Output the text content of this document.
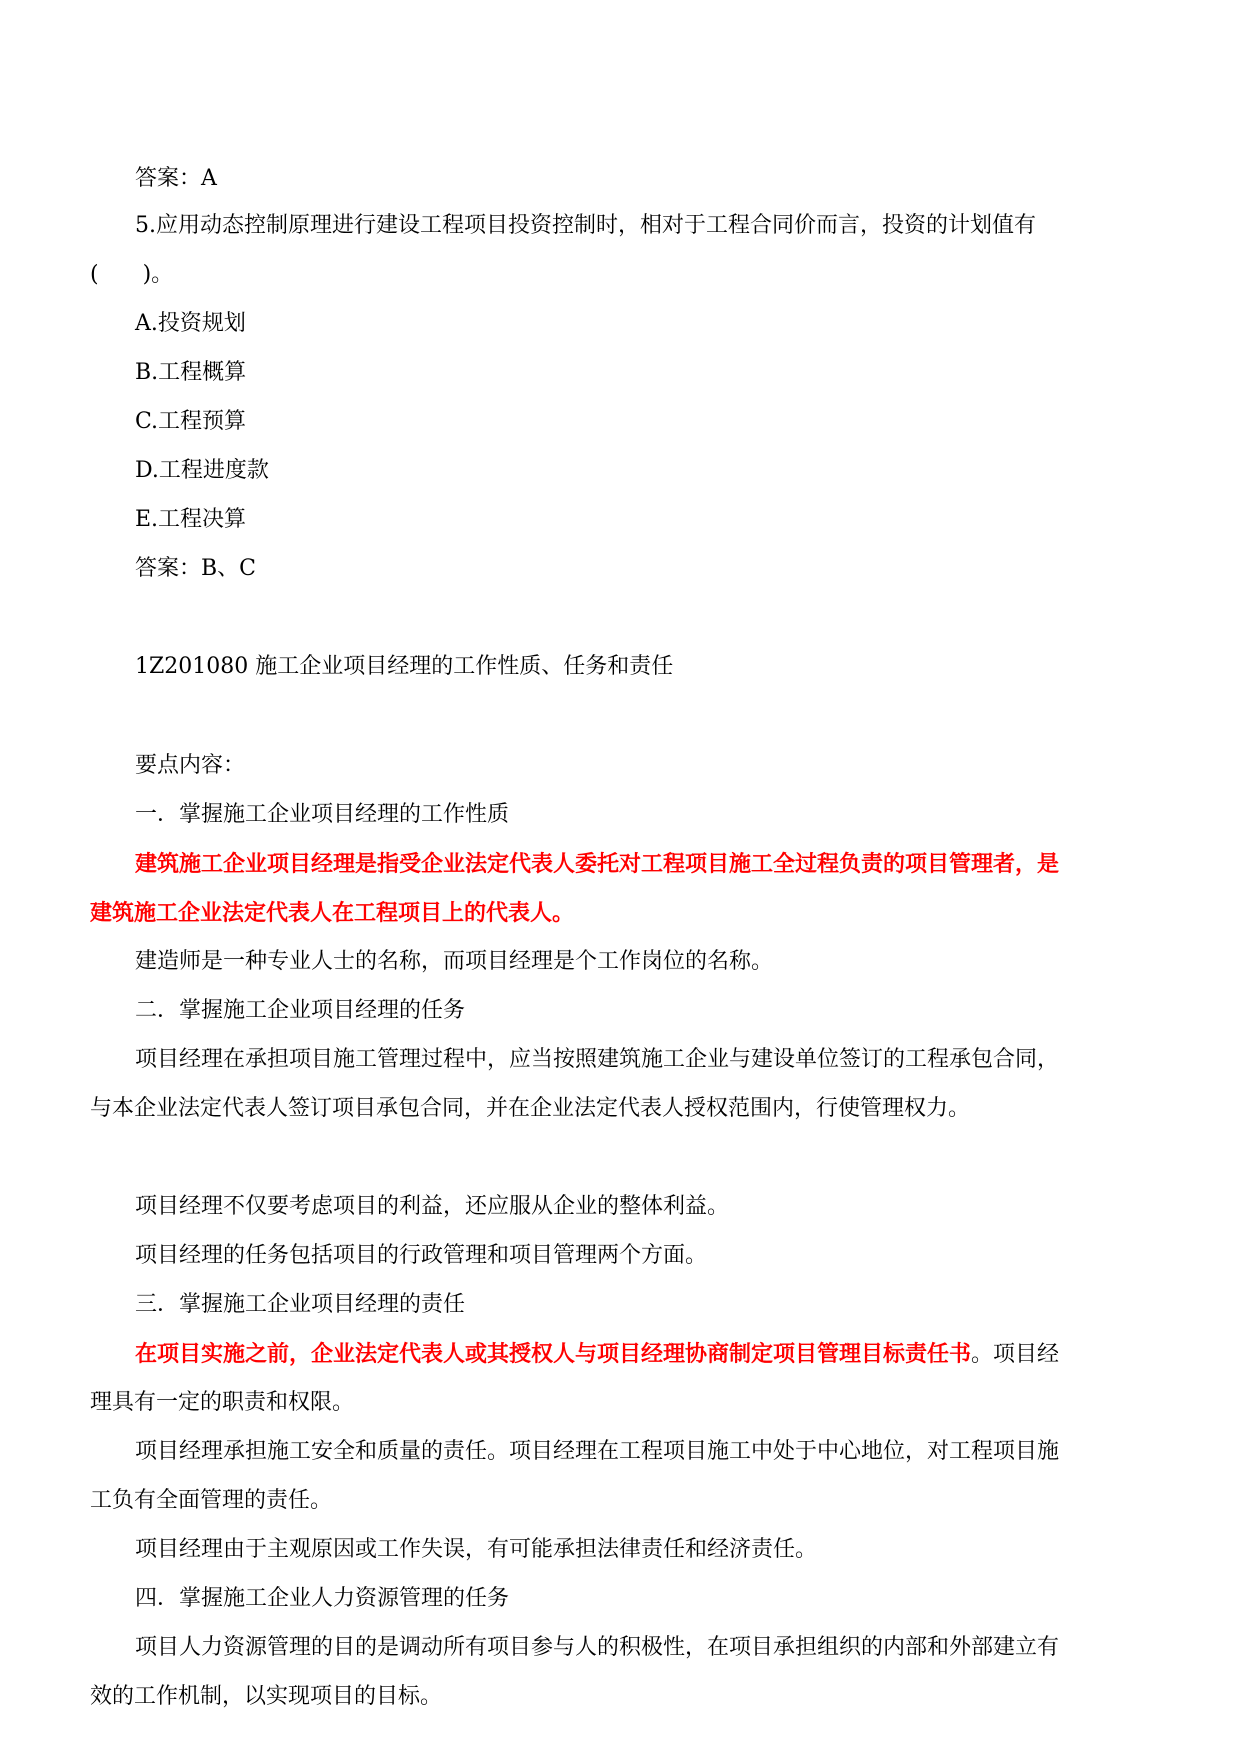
答案：A
5.应用动态控制原理进行建设工程项目投资控制时，相对于工程合同价而言，投资的计划值有
(　　)。
A.投资规划
B.工程概算
C.工程预算
D.工程进度款
E.工程决算
答案：B、C
1Z201080 施工企业项目经理的工作性质、任务和责任
要点内容：
一．掌握施工企业项目经理的工作性质
建筑施工企业项目经理是指受企业法定代表人委托对工程项目施工全过程负责的项目管理者，是
建筑施工企业法定代表人在工程项目上的代表人。
建造师是一种专业人士的名称，而项目经理是个工作岗位的名称。
二．掌握施工企业项目经理的任务
项目经理在承担项目施工管理过程中，应当按照建筑施工企业与建设单位签订的工程承包合同，
与本企业法定代表人签订项目承包合同，并在企业法定代表人授权范围内，行使管理权力。
项目经理不仅要考虑项目的利益，还应服从企业的整体利益。
项目经理的任务包括项目的行政管理和项目管理两个方面。
三．掌握施工企业项目经理的责任
在项目实施之前，企业法定代表人或其授权人与项目经理协商制定项目管理目标责任书。项目经
理具有一定的职责和权限。
项目经理承担施工安全和质量的责任。项目经理在工程项目施工中处于中心地位，对工程项目施
工负有全面管理的责任。
项目经理由于主观原因或工作失误，有可能承担法律责任和经济责任。
四．掌握施工企业人力资源管理的任务
项目人力资源管理的目的是调动所有项目参与人的积极性，在项目承担组织的内部和外部建立有
效的工作机制，以实现项目的目标。
